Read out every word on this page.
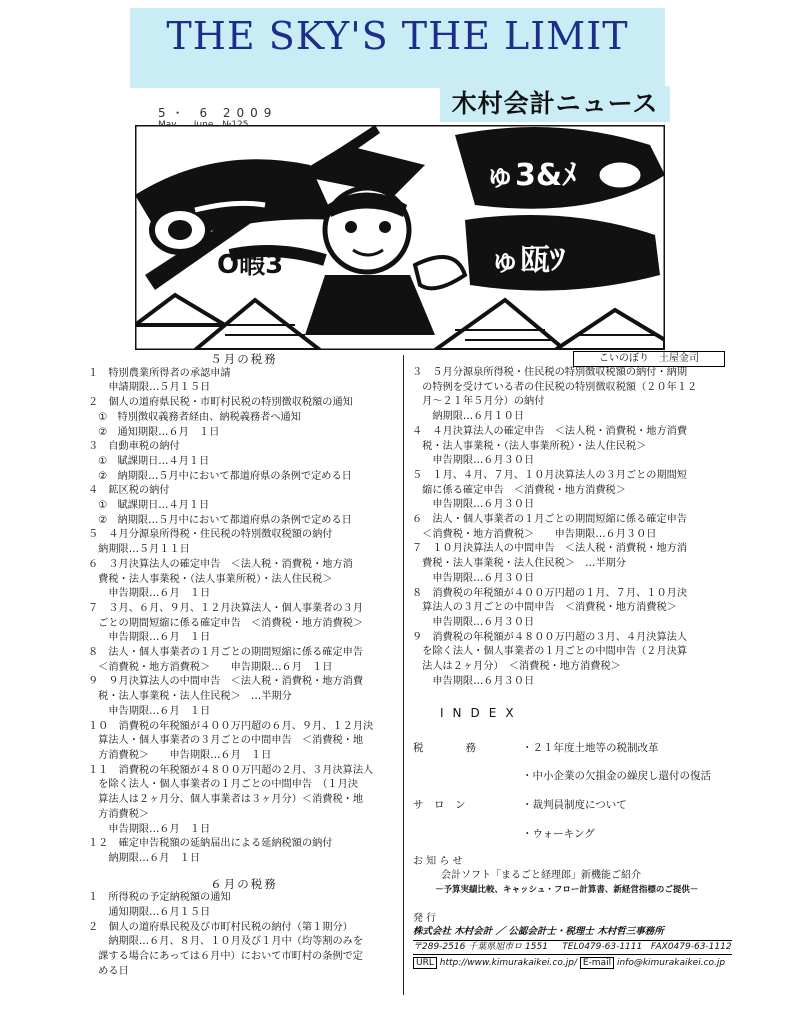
THE SKY'S THE LIMIT
木村会計ニュース
5・ 6 2009
O暇3
ゅ3&ﾒ
ゅ瓯ﾂ
こいのぼり　土屋金司
５月の税務
１　特別農業所得者の承認申請
　　申請期限…５月１５日
２　個人の道府県民税・市町村民税の特別徴収税額の通知
　①　特別徴収義務者経由、納税義務者へ通知
　②　通知期限…６月　１日
３　自動車税の納付
　①　賦課期日…４月１日
　②　納期限…５月中において都道府県の条例で定める日
４　鉱区税の納付
　①　賦課期日…４月１日
　②　納期限…５月中において都道府県の条例で定める日
５　４月分源泉所得税・住民税の特別徴収税額の納付
　納期限…５月１１日
６　３月決算法人の確定申告　＜法人税・消費税・地方消
　費税・法人事業税・（法人事業所税）・法人住民税＞
　　申告期限…６月　１日
７　３月、６月、９月、１２月決算法人・個人事業者の３月
　ごとの期間短縮に係る確定申告　＜消費税・地方消費税＞
　　申告期限…６月　１日
８　法人・個人事業者の１月ごとの期間短縮に係る確定申告
　＜消費税・地方消費税＞　　申告期限…６月　１日
９　９月決算法人の中間申告　＜法人税・消費税・地方消費
　税・法人事業税・法人住民税＞　…半期分
　　申告期限…６月　１日
１０　消費税の年税額が４００万円超の６月、９月、１２月決
　算法人・個人事業者の３月ごとの中間申告　＜消費税・地
　方消費税＞　　申告期限…６月　１日
１１　消費税の年税額が４８００万円超の２月、３月決算法人
　を除く法人・個人事業者の１月ごとの中間申告　（１月決
　算法人は２ヶ月分、個人事業者は３ヶ月分）＜消費税・地
　方消費税＞
　　申告期限…６月　１日
１２　確定申告税額の延納届出による延納税額の納付
　　納期限…６月　１日
６月の税務
１　所得税の予定納税額の通知
　　通知期限…６月１５日
２　個人の道府県民税及び市町村民税の納付（第１期分）
　　納期限…６月、８月、１０月及び１月中（均等割のみを
　課する場合にあっては６月中）において市町村の条例で定
　める日
３　５月分源泉所得税・住民税の特別徴収税額の納付・納期
　の特例を受けている者の住民税の特別徴収税額（２０年１２
　月～２１年５月分）の納付
　　納期限…６月１０日
４　４月決算法人の確定申告　＜法人税・消費税・地方消費
　税・法人事業税・（法人事業所税）・法人住民税＞
　　申告期限…６月３０日
５　１月、４月、７月、１０月決算法人の３月ごとの期間短
　縮に係る確定申告　＜消費税・地方消費税＞
　　申告期限…６月３０日
６　法人・個人事業者の１月ごとの期間短縮に係る確定申告
　＜消費税・地方消費税＞　　申告期限…６月３０日
７　１０月決算法人の中間申告　＜法人税・消費税・地方消
　費税・法人事業税・法人住民税＞　…半期分
　　申告期限…６月３０日
８　消費税の年税額が４００万円超の１月、７月、１０月決
　算法人の３月ごとの中間申告　＜消費税・地方消費税＞
　　申告期限…６月３０日
９　消費税の年税額が４８００万円超の３月、４月決算法人
　を除く法人・個人事業者の１月ごとの中間申告（２月決算
　法人は２ヶ月分）　＜消費税・地方消費税＞
　　申告期限…６月３０日
INDEX
税　　　　務	・２１年度土地等の税制改革
・中小企業の欠損金の繰戻し還付の復活
サ　ロ　ン	・裁判員制度について
・ウォーキング
お 知 ら せ
会計ソフト「まるごと経理郎」新機能ご紹介
－予算実績比較、キャッシュ・フロー計算書、新経営指標のご提供－
発 行
株式会社 木村会計 ／ 公認会計士・税理士 木村哲三事務所
〒289-2516 千葉県旭市ロ 1551 TEL0479-63-1111 FAX0479-63-1112
URL http://www.kimurakaikei.co.jp/ E-mail info@kimurakaikei.co.jp
